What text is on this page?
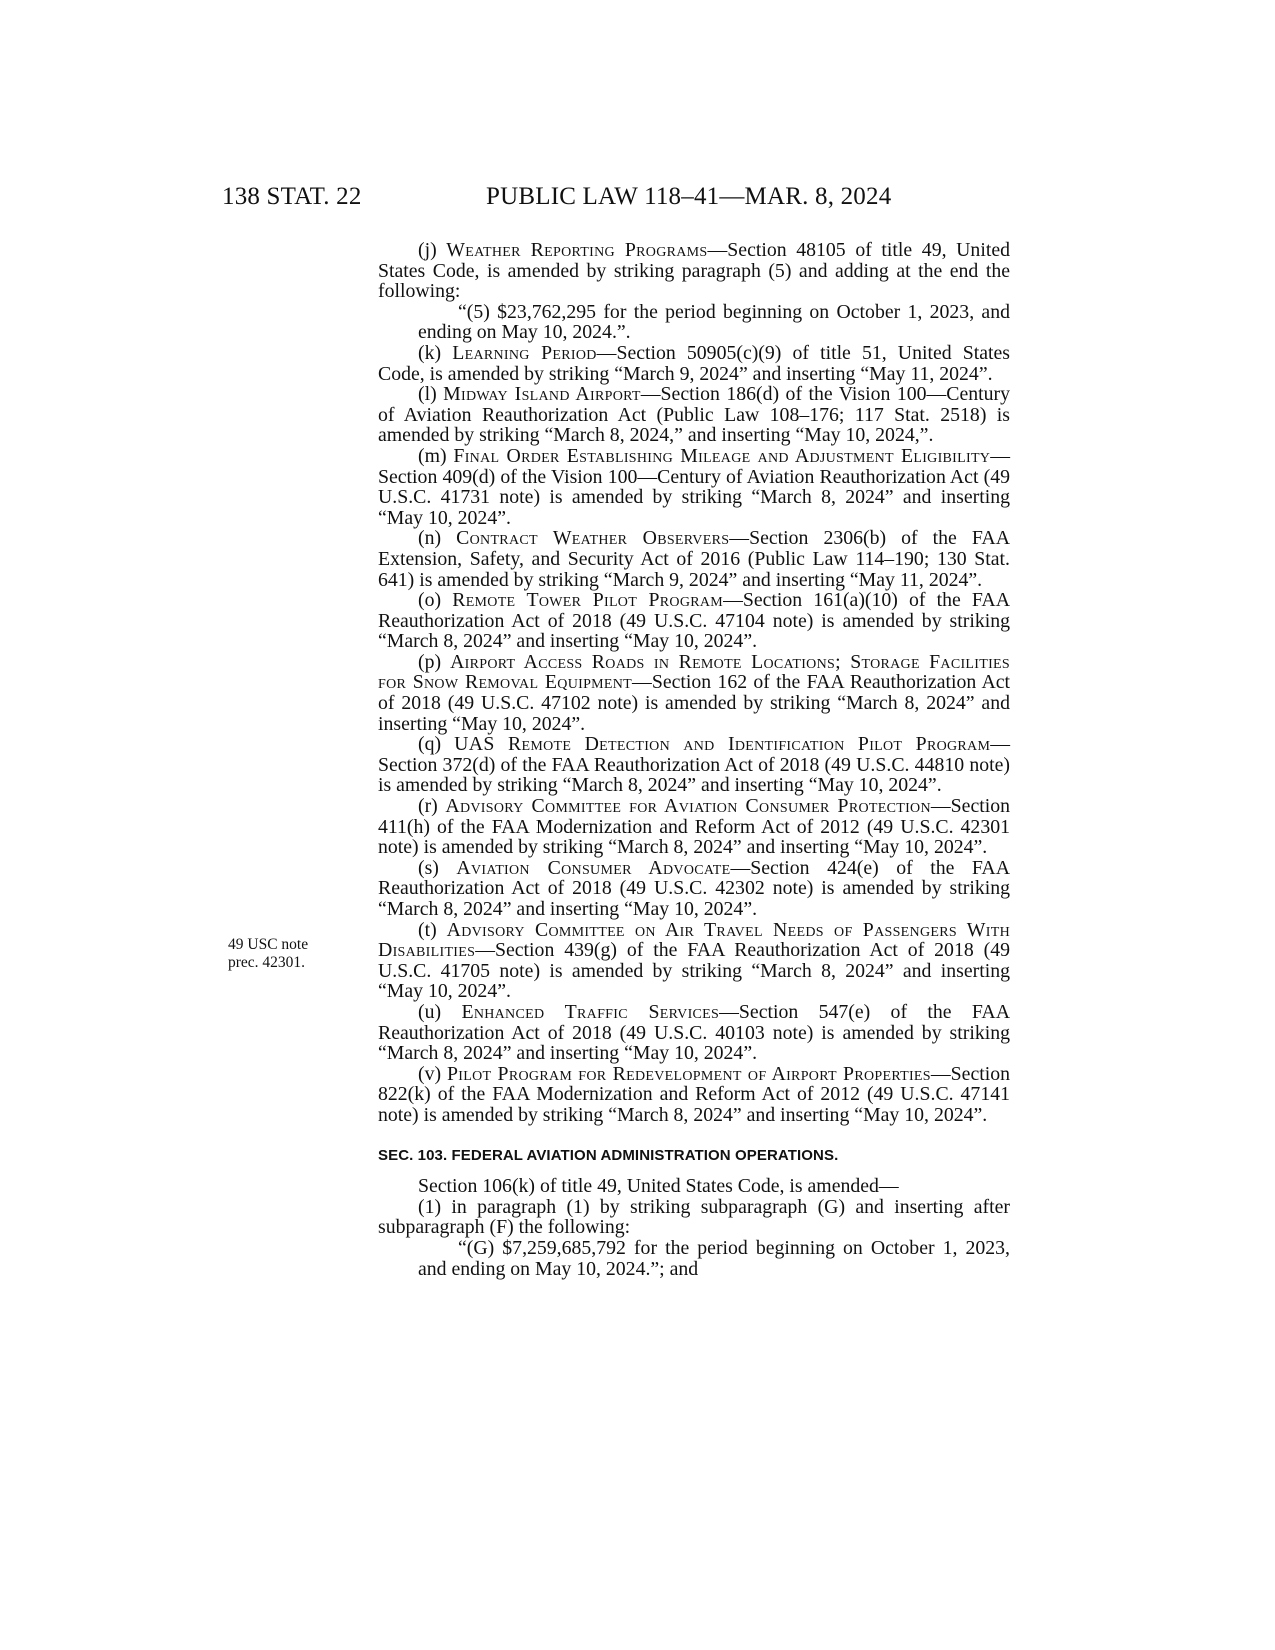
138 STAT. 22	PUBLIC LAW 118–41—MAR. 8, 2024
49 USC note
prec. 42301.

(j) Weather Reporting Programs—Section 48105 of title 49, United States Code, is amended by striking paragraph (5) and adding at the end the following:

“(5) $23,762,295 for the period beginning on October 1, 2023, and ending on May 10, 2024.”.

(k) Learning Period—Section 50905(c)(9) of title 51, United States Code, is amended by striking “March 9, 2024” and inserting “May 11, 2024”.

(l) Midway Island Airport—Section 186(d) of the Vision 100—Century of Aviation Reauthorization Act (Public Law 108–176; 117 Stat. 2518) is amended by striking “March 8, 2024,” and inserting “May 10, 2024,”.

(m) Final Order Establishing Mileage and Adjustment Eligibility—Section 409(d) of the Vision 100—Century of Aviation Reauthorization Act (49 U.S.C. 41731 note) is amended by striking “March 8, 2024” and inserting “May 10, 2024”.

(n) Contract Weather Observers—Section 2306(b) of the FAA Extension, Safety, and Security Act of 2016 (Public Law 114–190; 130 Stat. 641) is amended by striking “March 9, 2024” and inserting “May 11, 2024”.

(o) Remote Tower Pilot Program—Section 161(a)(10) of the FAA Reauthorization Act of 2018 (49 U.S.C. 47104 note) is amended by striking “March 8, 2024” and inserting “May 10, 2024”.

(p) Airport Access Roads in Remote Locations; Storage Facilities for Snow Removal Equipment—Section 162 of the FAA Reauthorization Act of 2018 (49 U.S.C. 47102 note) is amended by striking “March 8, 2024” and inserting “May 10, 2024”.

(q) UAS Remote Detection and Identification Pilot Program—Section 372(d) of the FAA Reauthorization Act of 2018 (49 U.S.C. 44810 note) is amended by striking “March 8, 2024” and inserting “May 10, 2024”.

(r) Advisory Committee for Aviation Consumer Protection—Section 411(h) of the FAA Modernization and Reform Act of 2012 (49 U.S.C. 42301 note) is amended by striking “March 8, 2024” and inserting “May 10, 2024”.

(s) Aviation Consumer Advocate—Section 424(e) of the FAA Reauthorization Act of 2018 (49 U.S.C. 42302 note) is amended by striking “March 8, 2024” and inserting “May 10, 2024”.

(t) Advisory Committee on Air Travel Needs of Passengers With Disabilities—Section 439(g) of the FAA Reauthorization Act of 2018 (49 U.S.C. 41705 note) is amended by striking “March 8, 2024” and inserting “May 10, 2024”.

(u) Enhanced Traffic Services—Section 547(e) of the FAA Reauthorization Act of 2018 (49 U.S.C. 40103 note) is amended by striking “March 8, 2024” and inserting “May 10, 2024”.

(v) Pilot Program for Redevelopment of Airport Properties—Section 822(k) of the FAA Modernization and Reform Act of 2012 (49 U.S.C. 47141 note) is amended by striking “March 8, 2024” and inserting “May 10, 2024”.

SEC. 103. FEDERAL AVIATION ADMINISTRATION OPERATIONS.

Section 106(k) of title 49, United States Code, is amended—

(1) in paragraph (1) by striking subparagraph (G) and inserting after subparagraph (F) the following:

“(G) $7,259,685,792 for the period beginning on October 1, 2023, and ending on May 10, 2024.”; and
